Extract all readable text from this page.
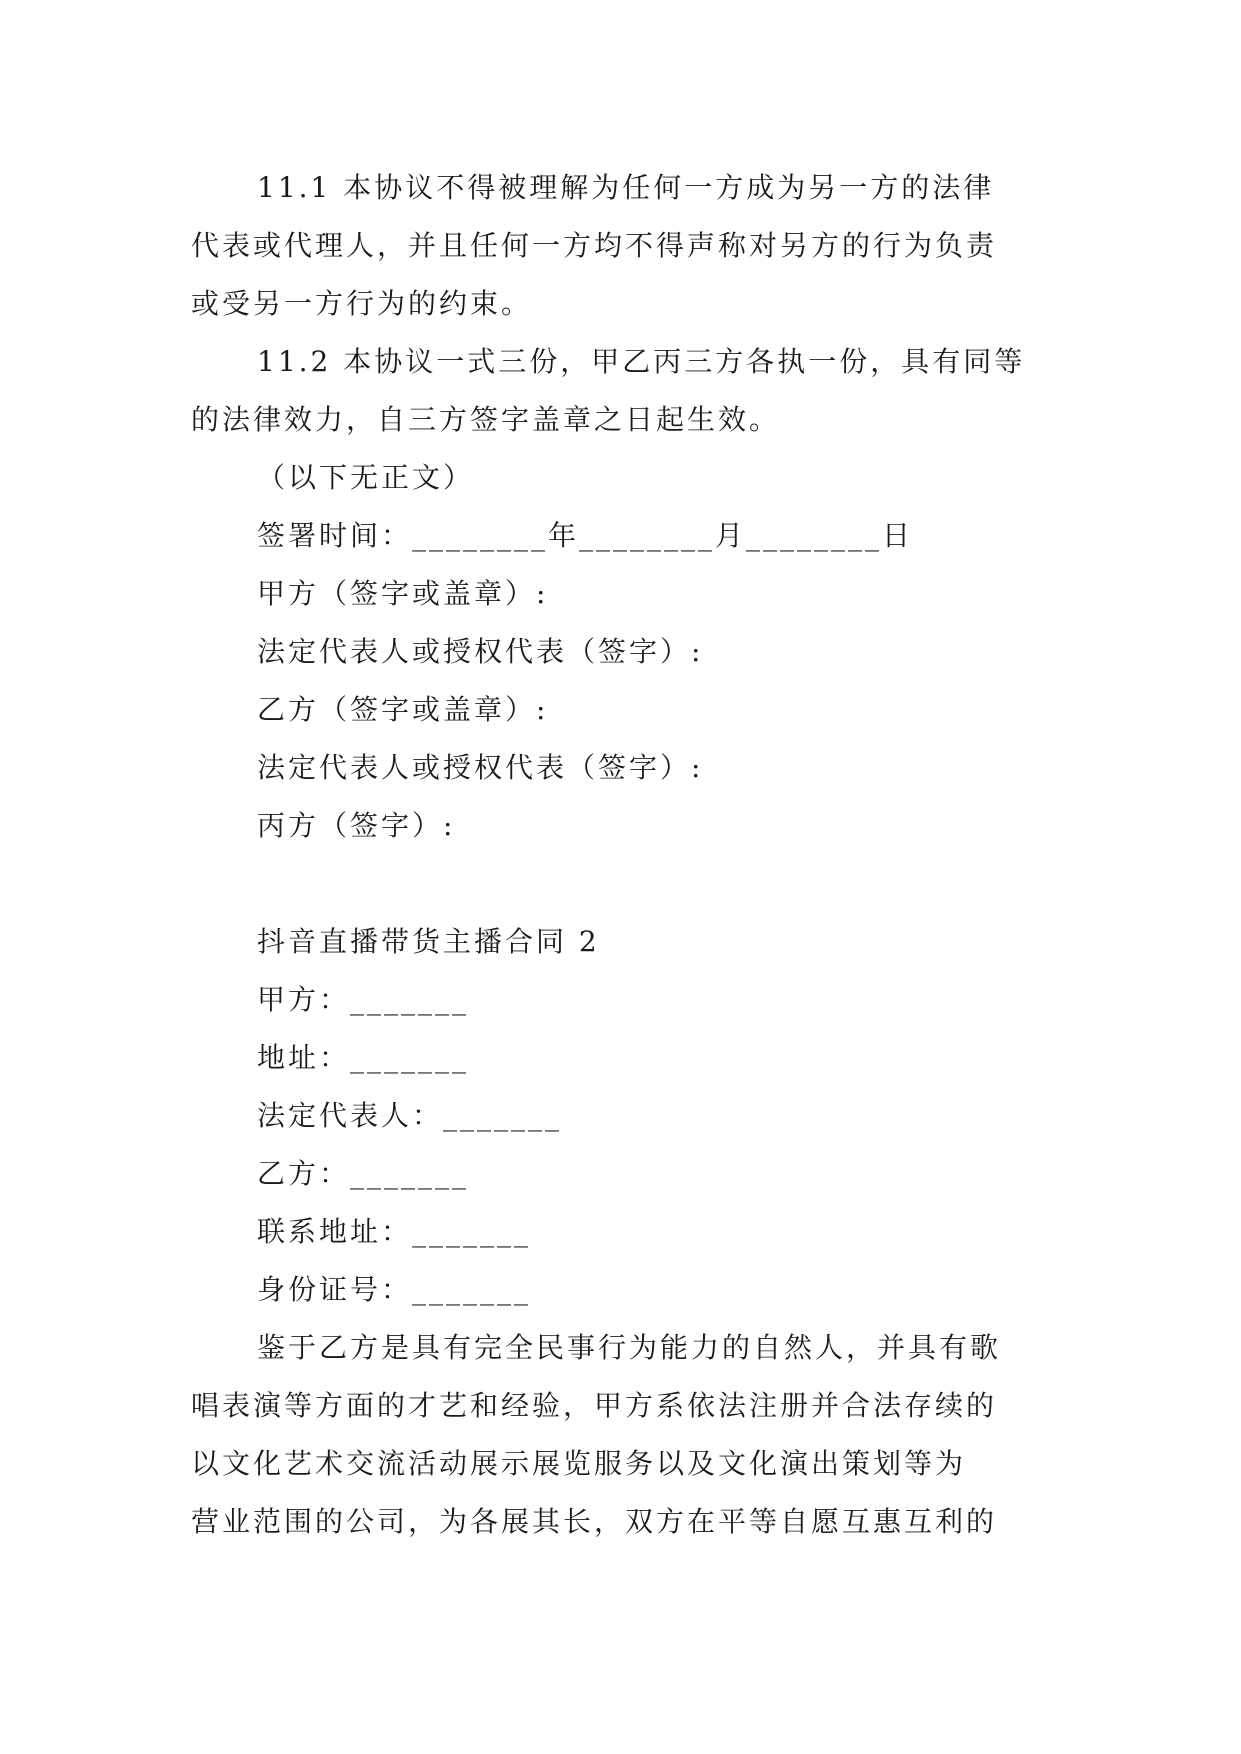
11.1 本协议不得被理解为任何一方成为另一方的法律
代表或代理人，并且任何一方均不得声称对另方的行为负责
或受另一方行为的约束。
11.2 本协议一式三份，甲乙丙三方各执一份，具有同等
的法律效力，自三方签字盖章之日起生效。
（以下无正文）
签署时间：________年________月________日
甲方（签字或盖章）:
法定代表人或授权代表（签字）:
乙方（签字或盖章）:
法定代表人或授权代表（签字）:
丙方（签字）:
抖音直播带货主播合同 2
甲方：_______
地址：_______
法定代表人：_______
乙方：_______
联系地址：_______
身份证号：_______
鉴于乙方是具有完全民事行为能力的自然人，并具有歌
唱表演等方面的才艺和经验，甲方系依法注册并合法存续的
以文化艺术交流活动展示展览服务以及文化演出策划等为
营业范围的公司，为各展其长，双方在平等自愿互惠互利的
